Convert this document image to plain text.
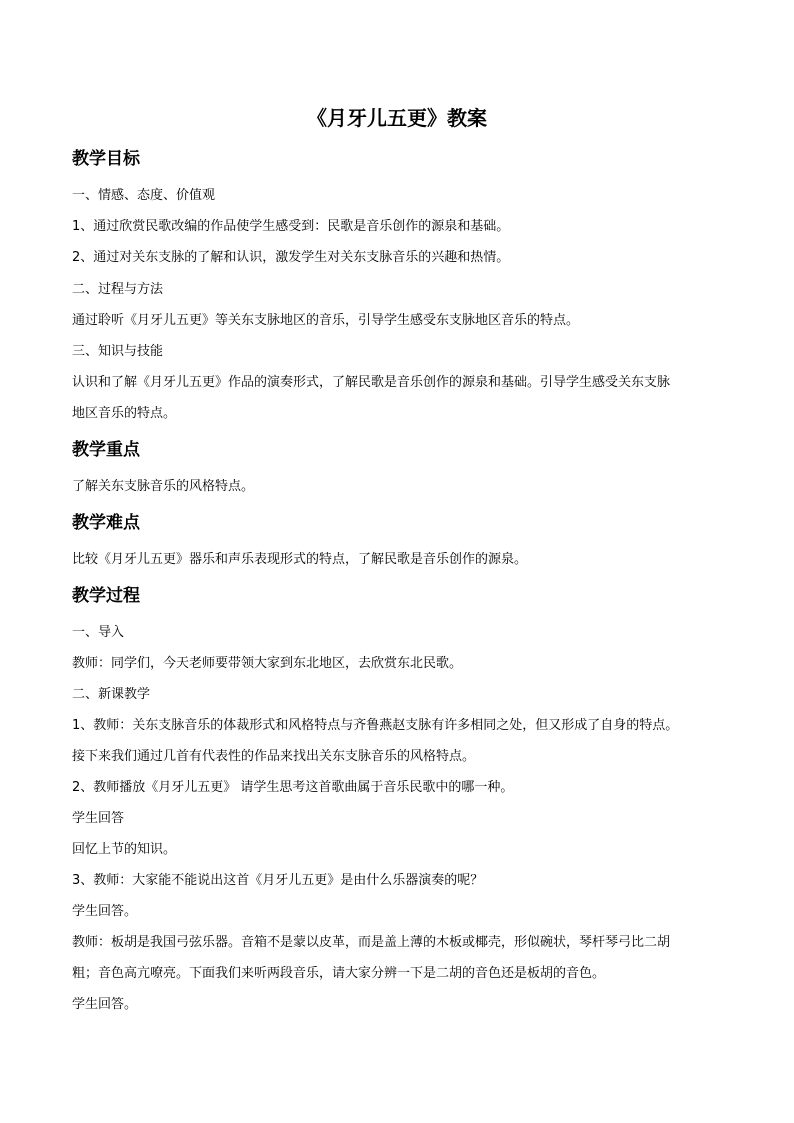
《月牙儿五更》教案
教学目标
一、情感、态度、价值观
1、通过欣赏民歌改编的作品使学生感受到：民歌是音乐创作的源泉和基础。
2、通过对关东支脉的了解和认识，激发学生对关东支脉音乐的兴趣和热情。
二、过程与方法
通过聆听《月牙儿五更》等关东支脉地区的音乐，引导学生感受东支脉地区音乐的特点。
三、知识与技能
认识和了解《月牙儿五更》作品的演奏形式，了解民歌是音乐创作的源泉和基础。引导学生感受关东支脉
地区音乐的特点。
教学重点
了解关东支脉音乐的风格特点。
教学难点
比较《月牙儿五更》器乐和声乐表现形式的特点，了解民歌是音乐创作的源泉。
教学过程
一、导入
教师：同学们，今天老师要带领大家到东北地区，去欣赏东北民歌。
二、新课教学
1、教师：关东支脉音乐的体裁形式和风格特点与齐鲁燕赵支脉有许多相同之处，但又形成了自身的特点。
接下来我们通过几首有代表性的作品来找出关东支脉音乐的风格特点。
2、教师播放《月牙儿五更》 请学生思考这首歌曲属于音乐民歌中的哪一种。
学生回答
回忆上节的知识。
3、教师：大家能不能说出这首《月牙儿五更》是由什么乐器演奏的呢？
学生回答。
教师：板胡是我国弓弦乐器。音箱不是蒙以皮革，而是盖上薄的木板或椰壳，形似碗状，琴杆琴弓比二胡
粗；音色高亢嘹亮。下面我们来听两段音乐，请大家分辨一下是二胡的音色还是板胡的音色。
学生回答。
